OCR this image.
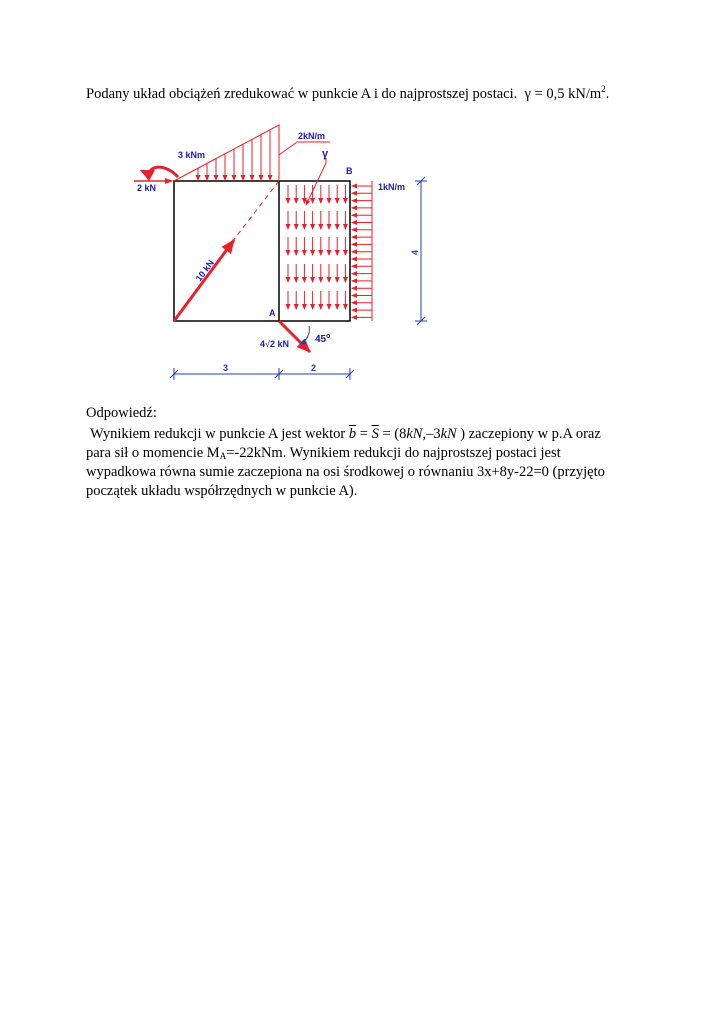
Podany układ obciążeń zredukować w punkcie A i do najprostszej postaci. γ = 0,5 $kN/m^2$.
2kN/m
3 kNm
2 kN
γ
B
A
1kN/m
10 kN
45$^o$
4√2 kN
3	2
4

Odpowiedź:

Wynikiem redukcji w punkcie A jest wektor $\overline{b} = \overline{S} = (8kN,-3kN$ ) zaczepiony w p.A oraz

para sił o momencie $M_A=-22kNm$. Wynikiem redukcji do najprostszej postaci jest

wypadkowa równa sumie zaczepiona na osi środkowej o równaniu 3x+8y-22=0 (przyjęto

początek układu współrzędnych w punkcie A).
